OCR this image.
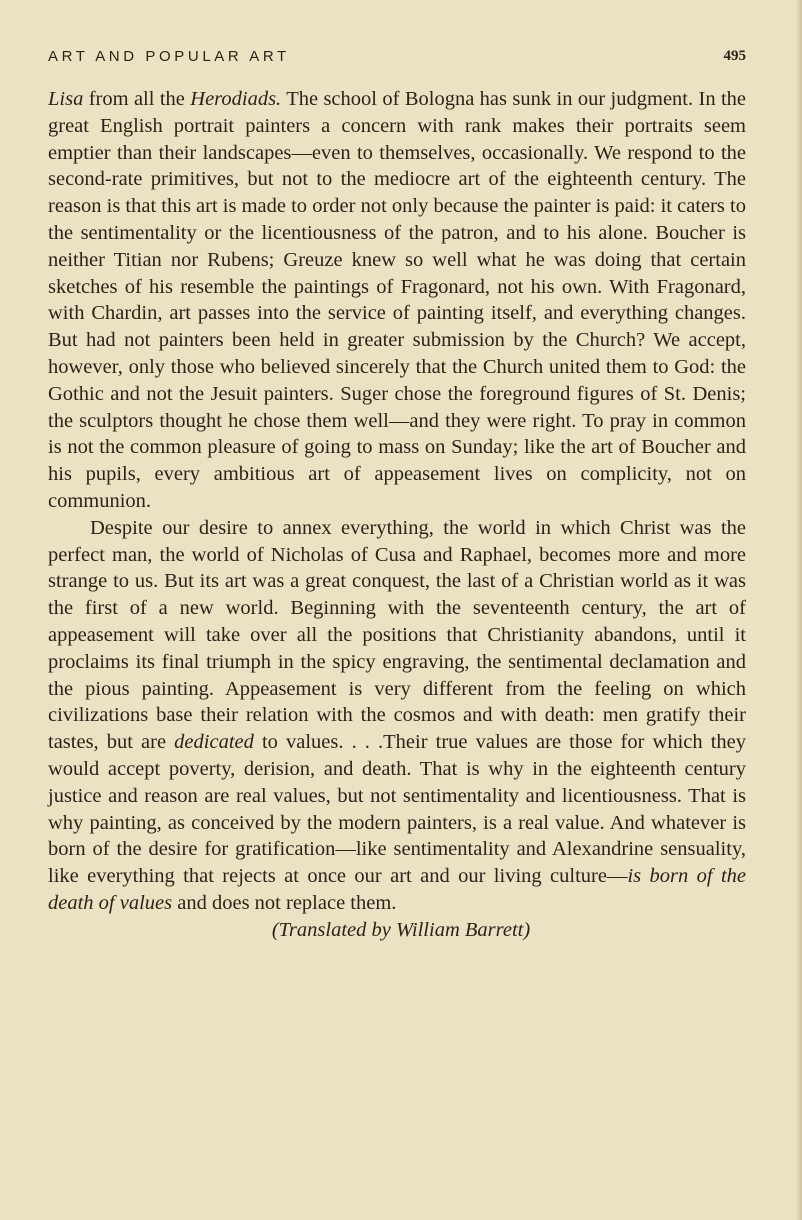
ART AND POPULAR ART	495

Lisa from all the Herodiads. The school of Bologna has sunk in our judgment. In the great English portrait painters a concern with rank makes their portraits seem emptier than their landscapes—even to themselves, occasionally. We respond to the second-rate primitives, but not to the mediocre art of the eighteenth century. The reason is that this art is made to order not only because the painter is paid: it caters to the sentimentality or the licentiousness of the patron, and to his alone. Boucher is neither Titian nor Rubens; Greuze knew so well what he was doing that certain sketches of his resemble the paintings of Fragonard, not his own. With Fragonard, with Chardin, art passes into the service of painting itself, and everything changes. But had not painters been held in greater submission by the Church? We accept, however, only those who believed sincerely that the Church united them to God: the Gothic and not the Jesuit painters. Suger chose the foreground figures of St. Denis; the sculptors thought he chose them well—and they were right. To pray in common is not the common pleasure of going to mass on Sunday; like the art of Boucher and his pupils, every ambitious art of appeasement lives on complicity, not on communion.

Despite our desire to annex everything, the world in which Christ was the perfect man, the world of Nicholas of Cusa and Raphael, becomes more and more strange to us. But its art was a great conquest, the last of a Christian world as it was the first of a new world. Beginning with the seventeenth century, the art of appeasement will take over all the positions that Christianity abandons, until it proclaims its final triumph in the spicy engraving, the sentimental declamation and the pious painting. Appeasement is very different from the feeling on which civilizations base their relation with the cosmos and with death: men gratify their tastes, but are dedicated to values. . . .Their true values are those for which they would accept poverty, derision, and death. That is why in the eighteenth century justice and reason are real values, but not sentimentality and licentiousness. That is why painting, as conceived by the modern painters, is a real value. And whatever is born of the desire for gratification—like sentimentality and Alexandrine sensuality, like everything that rejects at once our art and our living culture—is born of the death of values and does not replace them.

(Translated by William Barrett)
